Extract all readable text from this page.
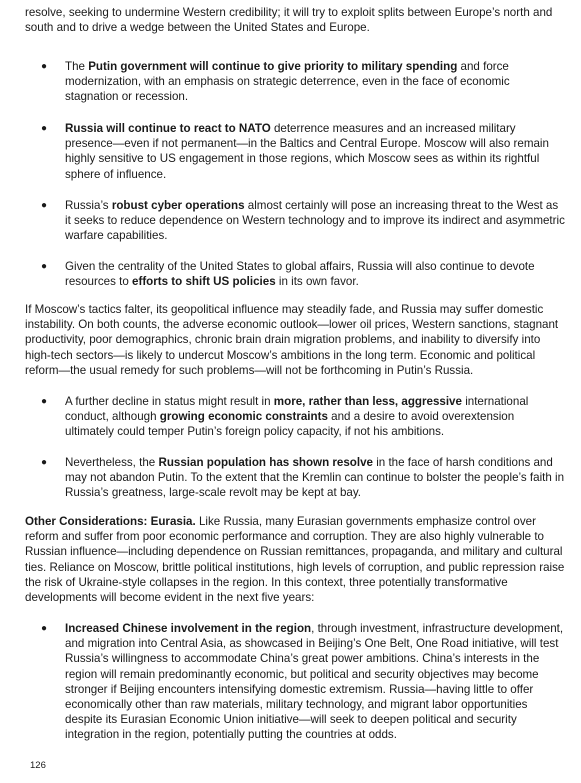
resolve, seeking to undermine Western credibility; it will try to exploit splits between Europe’s north and south and to drive a wedge between the United States and Europe.

●	The Putin government will continue to give priority to military spending and force modernization, with an emphasis on strategic deterrence, even in the face of economic stagnation or recession.

●	Russia will continue to react to NATO deterrence measures and an increased military presence—even if not permanent—in the Baltics and Central Europe. Moscow will also remain highly sensitive to US engagement in those regions, which Moscow sees as within its rightful sphere of influence.

●	Russia’s robust cyber operations almost certainly will pose an increasing threat to the West as it seeks to reduce dependence on Western technology and to improve its indirect and asymmetric warfare capabilities.

●	Given the centrality of the United States to global affairs, Russia will also continue to devote resources to efforts to shift US policies in its own favor.

If Moscow’s tactics falter, its geopolitical influence may steadily fade, and Russia may suffer domestic instability. On both counts, the adverse economic outlook—lower oil prices, Western sanctions, stagnant productivity, poor demographics, chronic brain drain migration problems, and inability to diversify into high-tech sectors—is likely to undercut Moscow’s ambitions in the long term. Economic and political reform—the usual remedy for such problems—will not be forthcoming in Putin’s Russia.

●	A further decline in status might result in more, rather than less, aggressive international conduct, although growing economic constraints and a desire to avoid overextension ultimately could temper Putin’s foreign policy capacity, if not his ambitions.

●	Nevertheless, the Russian population has shown resolve in the face of harsh conditions and may not abandon Putin. To the extent that the Kremlin can continue to bolster the people’s faith in Russia’s greatness, large-scale revolt may be kept at bay.

Other Considerations: Eurasia. Like Russia, many Eurasian governments emphasize control over reform and suffer from poor economic performance and corruption. They are also highly vulnerable to Russian influence—including dependence on Russian remittances, propaganda, and military and cultural ties. Reliance on Moscow, brittle political institutions, high levels of corruption, and public repression raise the risk of Ukraine-style collapses in the region. In this context, three potentially transformative developments will become evident in the next five years:

●	Increased Chinese involvement in the region, through investment, infrastructure development, and migration into Central Asia, as showcased in Beijing’s One Belt, One Road initiative, will test Russia’s willingness to accommodate China’s great power ambitions. China’s interests in the region will remain predominantly economic, but political and security objectives may become stronger if Beijing encounters intensifying domestic extremism. Russia—having little to offer economically other than raw materials, military technology, and migrant labor opportunities despite its Eurasian Economic Union initiative—will seek to deepen political and security integration in the region, potentially putting the countries at odds.

126
